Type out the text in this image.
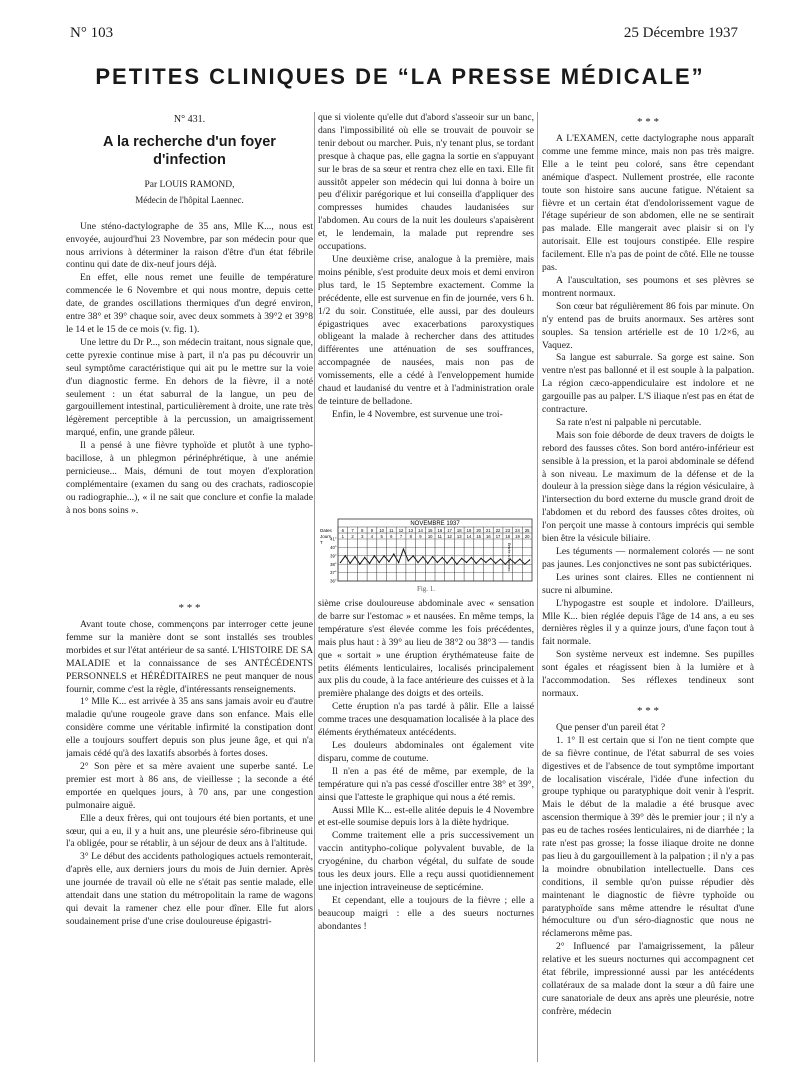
N° 103	25 Décembre 1937
PETITES CLINIQUES DE “LA PRESSE MÉDICALE”
N° 431.
A la recherche d'un foyer d'infection
Par LOUIS RAMOND,
Médecin de l'hôpital Laennec.

Une sténo-dactylographe de 35 ans, Mlle K..., nous est envoyée, aujourd'hui 23 Novembre, par son médecin pour que nous arrivions à déterminer la raison d'être d'un état fébrile continu qui date de dix-neuf jours déjà.

En effet, elle nous remet une feuille de température commencée le 6 Novembre et qui nous montre, depuis cette date, de grandes oscillations thermiques d'un degré environ, entre 38° et 39° chaque soir, avec deux sommets à 39°2 et 39°8 le 14 et le 15 de ce mois (v. fig. 1).

Une lettre du Dr P..., son médecin traitant, nous signale que, cette pyrexie continue mise à part, il n'a pas pu découvrir un seul symptôme caractéristique qui ait pu le mettre sur la voie d'un diagnostic ferme. En dehors de la fièvre, il a noté seulement : un état saburral de la langue, un peu de gargouillement intestinal, particulièrement à droite, une rate très légèrement perceptible à la percussion, un amaigrissement marqué, enfin, une grande pâleur.

Il a pensé à une fièvre typhoïde et plutôt à une typho-bacillose, à un phlegmon périnéphrétique, à une anémie pernicieuse... Mais, démuni de tout moyen d'exploration complémentaire (examen du sang ou des crachats, radioscopie ou radiographie...), « il ne sait que conclure et confie la malade à nos bons soins ».

* * *

Avant toute chose, commençons par interroger cette jeune femme sur la manière dont se sont installés ses troubles morbides et sur l'état antérieur de sa santé. L'HISTOIRE DE SA MALADIE et la connaissance de ses ANTÉCÉDENTS PERSONNELS et HÉRÉDITAIRES ne peut manquer de nous fournir, comme c'est la règle, d'intéressants renseignements.

1° Mlle K... est arrivée à 35 ans sans jamais avoir eu d'autre maladie qu'une rougeole grave dans son enfance. Mais elle considère comme une véritable infirmité la constipation dont elle a toujours souffert depuis son plus jeune âge, et qui n'a jamais cédé qu'à des laxatifs absorbés à fortes doses.

2° Son père et sa mère avaient une superbe santé. Le premier est mort à 86 ans, de vieillesse ; la seconde a été emportée en quelques jours, à 70 ans, par une congestion pulmonaire aiguë.

Elle a deux frères, qui ont toujours été bien portants, et une sœur, qui a eu, il y a huit ans, une pleurésie séro-fibrineuse qui l'a obligée, pour se rétablir, à un séjour de deux ans à l'altitude.

3° Le début des accidents pathologiques actuels remonterait, d'après elle, aux derniers jours du mois de Juin dernier. Après une journée de travail où elle ne s'était pas sentie malade, elle attendait dans une station du métropolitain la rame de wagons qui devait la ramener chez elle pour dîner. Elle fut alors soudainement prise d'une crise douloureuse épigastri-

que si violente qu'elle dut d'abord s'asseoir sur un banc, dans l'impossibilité où elle se trouvait de pouvoir se tenir debout ou marcher. Puis, n'y tenant plus, se tordant presque à chaque pas, elle gagna la sortie en s'appuyant sur le bras de sa sœur et rentra chez elle en taxi. Elle fit aussitôt appeler son médecin qui lui donna à boire un peu d'élixir parégorique et lui conseilla d'appliquer des compresses humides chaudes laudanisées sur l'abdomen. Au cours de la nuit les douleurs s'apaisèrent et, le lendemain, la malade put reprendre ses occupations.

Une deuxième crise, analogue à la première, mais moins pénible, s'est produite deux mois et demi environ plus tard, le 15 Septembre exactement. Comme la précédente, elle est survenue en fin de journée, vers 6 h. 1/2 du soir. Constituée, elle aussi, par des douleurs épigastriques avec exacerbations paroxystiques obligeant la malade à rechercher dans des attitudes différentes une atténuation de ses souffrances, accompagnée de nausées, mais non pas de vomissements, elle a cédé à l'enveloppement humide chaud et laudanisé du ventre et à l'administration orale de teinture de belladone.

Enfin, le 4 Novembre, est survenue une troi-

NOVEMBRE 1937
Dates
Jours
T
6
1
7
2
8
3
9
4
10
5
11
6
12
7
13
8
14
9
15
10
16
11
17
12
18
13
19
14
20
15
21
16
22
17
23
18
24
19
25
20
41°
40°
39°
38°
37°
36°
Entrée à Laennec
Fig. 1.

sième crise douloureuse abdominale avec « sensation de barre sur l'estomac » et nausées. En même temps, la température s'est élevée comme les fois précédentes, mais plus haut : à 39° au lieu de 38°2 ou 38°3 — tandis que « sortait » une éruption érythémateuse faite de petits éléments lenticulaires, localisés principalement aux plis du coude, à la face antérieure des cuisses et à la première phalange des doigts et des orteils.

Cette éruption n'a pas tardé à pâlir. Elle a laissé comme traces une desquamation localisée à la place des éléments érythémateux antécédents.

Les douleurs abdominales ont également vite disparu, comme de coutume.

Il n'en a pas été de même, par exemple, de la température qui n'a pas cessé d'osciller entre 38° et 39°, ainsi que l'atteste le graphique qui nous a été remis.

Aussi Mlle K... est-elle alitée depuis le 4 Novembre et est-elle soumise depuis lors à la diète hydrique.

Comme traitement elle a pris successivement un vaccin antitypho-colique polyvalent buvable, de la cryogénine, du charbon végétal, du sulfate de soude tous les deux jours. Elle a reçu aussi quotidiennement une injection intraveineuse de septicémine.

Et cependant, elle a toujours de la fièvre ; elle a beaucoup maigri : elle a des sueurs nocturnes abondantes !

* * *

A L'EXAMEN, cette dactylographe nous apparaît comme une femme mince, mais non pas très maigre. Elle a le teint peu coloré, sans être cependant anémique d'aspect. Nullement prostrée, elle raconte toute son histoire sans aucune fatigue. N'étaient sa fièvre et un certain état d'endolorissement vague de l'étage supérieur de son abdomen, elle ne se sentirait pas malade. Elle mangerait avec plaisir si on l'y autorisait. Elle est toujours constipée. Elle respire facilement. Elle n'a pas de point de côté. Elle ne tousse pas.

A l'auscultation, ses poumons et ses plèvres se montrent normaux.

Son cœur bat régulièrement 86 fois par minute. On n'y entend pas de bruits anormaux. Ses artères sont souples. Sa tension artérielle est de 10 1/2×6, au Vaquez.

Sa langue est saburrale. Sa gorge est saine. Son ventre n'est pas ballonné et il est souple à la palpation. La région cæco-appendiculaire est indolore et ne gargouille pas au palper. L'S iliaque n'est pas en état de contracture.

Sa rate n'est ni palpable ni percutable.

Mais son foie déborde de deux travers de doigts le rebord des fausses côtes. Son bord antéro-inférieur est sensible à la pression, et la paroi abdominale se défend à son niveau. Le maximum de la défense et de la douleur à la pression siège dans la région vésiculaire, à l'intersection du bord externe du muscle grand droit de l'abdomen et du rebord des fausses côtes droites, où l'on perçoit une masse à contours imprécis qui semble bien être la vésicule biliaire.

Les téguments — normalement colorés — ne sont pas jaunes. Les conjonctives ne sont pas subictériques.

Les urines sont claires. Elles ne contiennent ni sucre ni albumine.

L'hypogastre est souple et indolore. D'ailleurs, Mlle K... bien réglée depuis l'âge de 14 ans, a eu ses dernières règles il y a quinze jours, d'une façon tout à fait normale.

Son système nerveux est indemne. Ses pupilles sont égales et réagissent bien à la lumière et à l'accommodation. Ses réflexes tendineux sont normaux.

* * *

Que penser d'un pareil état ?

1. 1° Il est certain que si l'on ne tient compte que de sa fièvre continue, de l'état saburral de ses voies digestives et de l'absence de tout symptôme important de localisation viscérale, l'idée d'une infection du groupe typhique ou paratyphique doit venir à l'esprit. Mais le début de la maladie a été brusque avec ascension thermique à 39° dès le premier jour ; il n'y a pas eu de taches rosées lenticulaires, ni de diarrhée ; la rate n'est pas grosse; la fosse iliaque droite ne donne pas lieu à du gargouillement à la palpation ; il n'y a pas la moindre obnubilation intellectuelle. Dans ces conditions, il semble qu'on puisse répudier dès maintenant le diagnostic de fièvre typhoïde ou paratyphoïde sans même attendre le résultat d'une hémoculture ou d'un séro-diagnostic que nous ne réclamerons même pas.

2° Influencé par l'amaigrissement, la pâleur relative et les sueurs nocturnes qui accompagnent cet état fébrile, impressionné aussi par les antécédents collatéraux de sa malade dont la sœur a dû faire une cure sanatoriale de deux ans après une pleurésie, notre confrère, médecin
